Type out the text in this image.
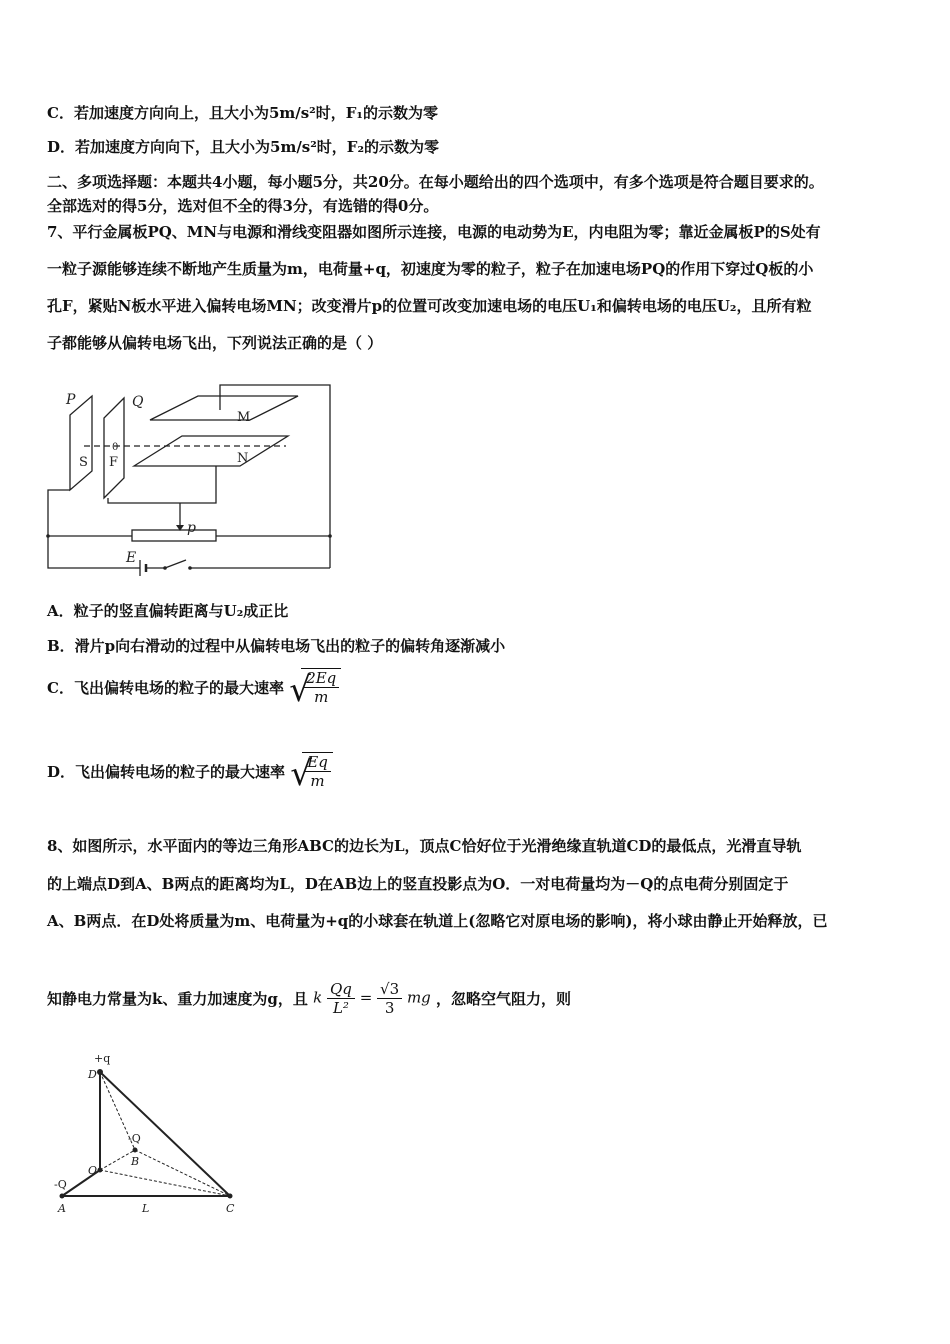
C．若加速度方向向上，且大小为5m/s²时，F₁的示数为零
D．若加速度方向向下，且大小为5m/s²时，F₂的示数为零
二、多项选择题：本题共4小题，每小题5分，共20分。在每小题给出的四个选项中，有多个选项是符合题目要求的。
全部选对的得5分，选对但不全的得3分，有选错的得0分。
7、平行金属板PQ、MN与电源和滑线变阻器如图所示连接，电源的电动势为E，内电阻为零；靠近金属板P的S处有
一粒子源能够连续不断地产生质量为m，电荷量+q，初速度为零的粒子，粒子在加速电场PQ的作用下穿过Q板的小
孔F，紧贴N板水平进入偏转电场MN；改变滑片p的位置可改变加速电场的电压U₁和偏转电场的电压U₂，且所有粒
子都能够从偏转电场飞出，下列说法正确的是（ ）
P	Q
p
E
S F
0
M
N
A．粒子的竖直偏转距离与U₂成正比
B．滑片p向右滑动的过程中从偏转电场飞出的粒子的偏转角逐渐减小
C．飞出偏转电场的粒子的最大速率 √
$\frac{2Eq}{m}$
D．飞出偏转电场的粒子的最大速率 √
$\frac{Eq}{m}$
8、如图所示，水平面内的等边三角形ABC的边长为L，顶点C恰好位于光滑绝缘直轨道CD的最低点，光滑直导轨
的上端点D到A、B两点的距离均为L，D在AB边上的竖直投影点为O．一对电荷量均为－Q的点电荷分别固定于
A、B两点．在D处将质量为m、电荷量为+q的小球套在轨道上(忽略它对原电场的影响)，将小球由静止开始释放，已
知静电力常量为k、重力加速度为g，且 k $\frac{Qq}{\text{L²}} = \frac{√3}{3}$ mg ，忽略空气阻力，则
D
+q
-Q
B
O
-Q
A	L	C
